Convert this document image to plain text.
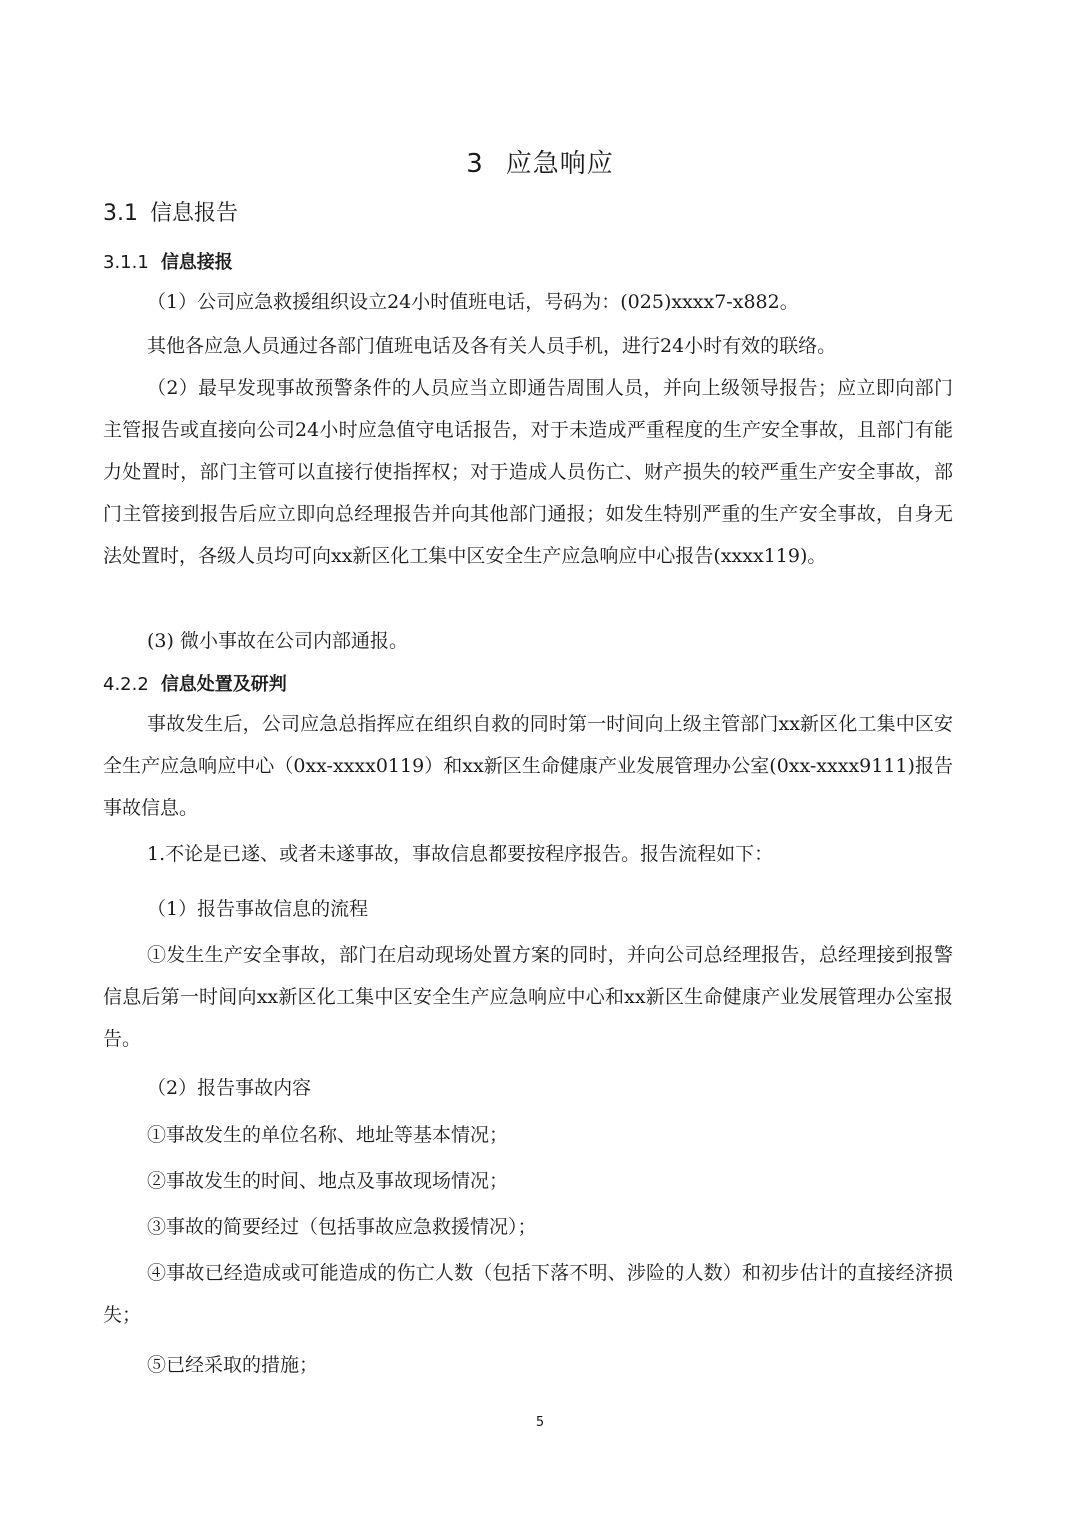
3 应急响应
3.1 信息报告
3.1.1 信息接报

（1）公司应急救援组织设立24小时值班电话，号码为：(025)xxxx7-x882。

其他各应急人员通过各部门值班电话及各有关人员手机，进行24小时有效的联络。

（2）最早发现事故预警条件的人员应当立即通告周围人员，并向上级领导报告；应立即向部门主管报告或直接向公司24小时应急值守电话报告，对于未造成严重程度的生产安全事故，且部门有能力处置时，部门主管可以直接行使指挥权；对于造成人员伤亡、财产损失的较严重生产安全事故，部门主管接到报告后应立即向总经理报告并向其他部门通报；如发生特别严重的生产安全事故，自身无法处置时，各级人员均可向xx新区化工集中区安全生产应急响应中心报告(xxxx119)。

(3) 微小事故在公司内部通报。

4.2.2 信息处置及研判

事故发生后，公司应急总指挥应在组织自救的同时第一时间向上级主管部门xx新区化工集中区安全生产应急响应中心（0xx-xxxx0119）和xx新区生命健康产业发展管理办公室(0xx-xxxx9111)报告事故信息。

1.不论是已遂、或者未遂事故，事故信息都要按程序报告。报告流程如下：

（1）报告事故信息的流程

①发生生产安全事故，部门在启动现场处置方案的同时，并向公司总经理报告，总经理接到报警信息后第一时间向xx新区化工集中区安全生产应急响应中心和xx新区生命健康产业发展管理办公室报告。

（2）报告事故内容

①事故发生的单位名称、地址等基本情况；

②事故发生的时间、地点及事故现场情况；

③事故的简要经过（包括事故应急救援情况）；

④事故已经造成或可能造成的伤亡人数（包括下落不明、涉险的人数）和初步估计的直接经济损失；

⑤已经采取的措施；

5
